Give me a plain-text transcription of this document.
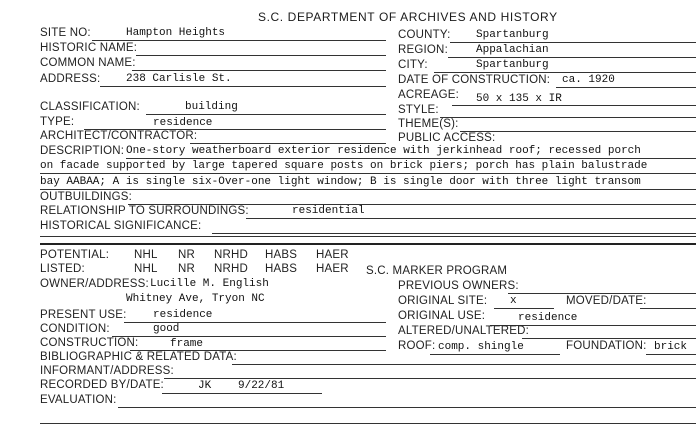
S.C. DEPARTMENT OF ARCHIVES AND HISTORY
SITE NO:	Hampton Heights
HISTORIC NAME:
COMMON NAME:
ADDRESS: 238 Carlisle St.
CLASSIFICATION:	building
TYPE:	residence
ARCHITECT/CONTRACTOR:
COUNTY: Spartanburg
REGION:	Appalachian
CITY:	Spartanburg
DATE OF CONSTRUCTION: ca. 1920
ACREAGE: 50 x 135 x IR
STYLE:
THEME(S):
PUBLIC ACCESS:
DESCRIPTION: One-story weatherboard exterior residence with jerkinhead roof; recessed porch
on facade supported by large tapered square posts on brick piers; porch has plain balustrade
bay AABAA; A is single six-Over-one light window; B is single door with three light transom
OUTBUILDINGS:
RELATIONSHIP TO SURROUNDINGS:	residential
HISTORICAL SIGNIFICANCE:
POTENTIAL: NHL NR NRHD HABS HAER
LISTED:	NHL NR NRHD HABS HAER S.C. MARKER PROGRAM
OWNER/ADDRESS: Lucille M. English
Whitney Ave, Tryon NC
PREVIOUS OWNERS:
ORIGINAL SITE: x	MOVED/DATE:
PRESENT USE: residence	ORIGINAL USE:	residence
CONDITION:	good	ALTERED/UNALTERED:
CONSTRUCTION:	frame	ROOF: comp. shingle	FOUNDATION: brick
BIBLIOGRAPHIC & RELATED DATA:
INFORMANT/ADDRESS:
RECORDED BY/DATE:	JK 9/22/81
EVALUATION:
